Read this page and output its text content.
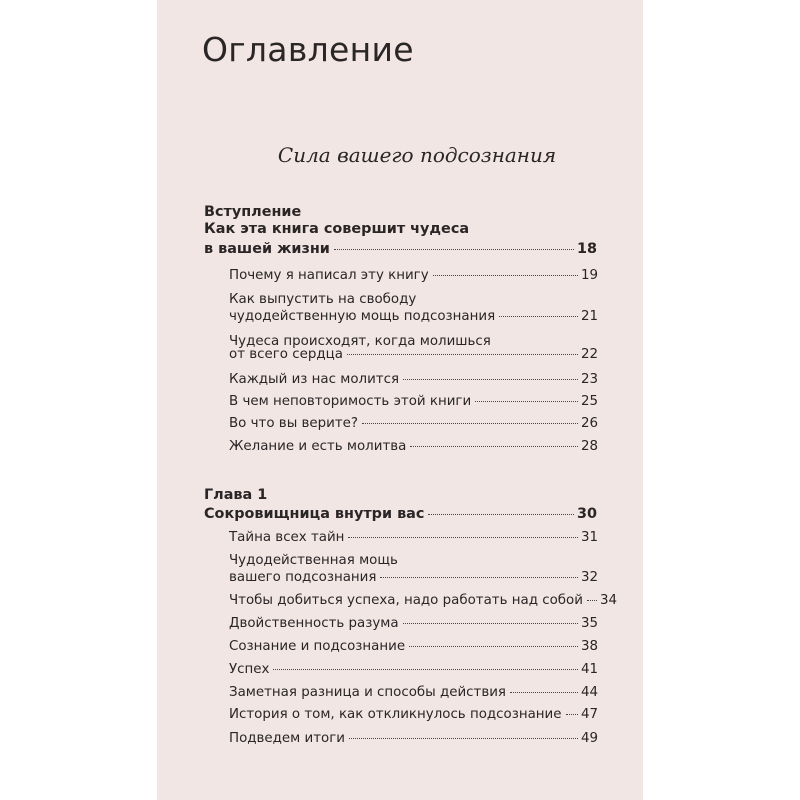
Оглавление
Сила вашего подсознания
Вступление
Как эта книга совершит чудеса
в вашей жизни	18
Почему я написал эту книгу	19
Как выпустить на свободу
чудодейственную мощь подсознания	21
Чудеса происходят, когда молишься
от всего сердца	22
Каждый из нас молится	23
В чем неповторимость этой книги	25
Во что вы верите?	26
Желание и есть молитва	28
Глава 1
Сокровищница внутри вас	30
Тайна всех тайн	31
Чудодейственная мощь
вашего подсознания	32
Чтобы добиться успеха, надо работать над собой 34
Двойственность разума	35
Сознание и подсознание	38
Успех	41
Заметная разница и способы действия	44
История о том, как откликнулось подсознание 47
Подведем итоги	49
